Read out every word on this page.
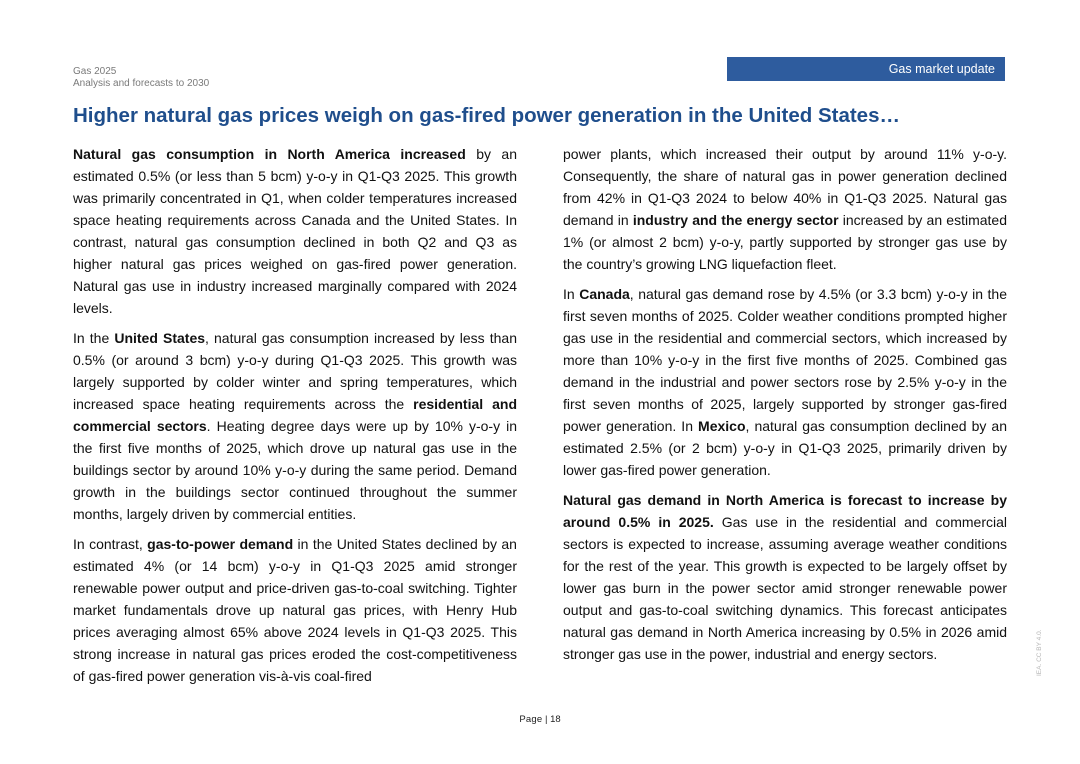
Gas 2025
Analysis and forecasts to 2030
Gas market update
Higher natural gas prices weigh on gas-fired power generation in the United States…

Natural gas consumption in North America increased by an estimated 0.5% (or less than 5 bcm) y-o-y in Q1-Q3 2025. This growth was primarily concentrated in Q1, when colder temperatures increased space heating requirements across Canada and the United States. In contrast, natural gas consumption declined in both Q2 and Q3 as higher natural gas prices weighed on gas-fired power generation. Natural gas use in industry increased marginally compared with 2024 levels.

In the United States, natural gas consumption increased by less than 0.5% (or around 3 bcm) y-o-y during Q1-Q3 2025. This growth was largely supported by colder winter and spring temperatures, which increased space heating requirements across the residential and commercial sectors. Heating degree days were up by 10% y-o-y in the first five months of 2025, which drove up natural gas use in the buildings sector by around 10% y-o-y during the same period. Demand growth in the buildings sector continued throughout the summer months, largely driven by commercial entities.

In contrast, gas-to-power demand in the United States declined by an estimated 4% (or 14 bcm) y-o-y in Q1-Q3 2025 amid stronger renewable power output and price-driven gas-to-coal switching. Tighter market fundamentals drove up natural gas prices, with Henry Hub prices averaging almost 65% above 2024 levels in Q1-Q3 2025. This strong increase in natural gas prices eroded the cost-competitiveness of gas-fired power generation vis-à-vis coal-fired

power plants, which increased their output by around 11% y-o-y. Consequently, the share of natural gas in power generation declined from 42% in Q1-Q3 2024 to below 40% in Q1-Q3 2025. Natural gas demand in industry and the energy sector increased by an estimated 1% (or almost 2 bcm) y-o-y, partly supported by stronger gas use by the country’s growing LNG liquefaction fleet.

In Canada, natural gas demand rose by 4.5% (or 3.3 bcm) y-o-y in the first seven months of 2025. Colder weather conditions prompted higher gas use in the residential and commercial sectors, which increased by more than 10% y-o-y in the first five months of 2025. Combined gas demand in the industrial and power sectors rose by 2.5% y-o-y in the first seven months of 2025, largely supported by stronger gas-fired power generation. In Mexico, natural gas consumption declined by an estimated 2.5% (or 2 bcm) y-o-y in Q1-Q3 2025, primarily driven by lower gas-fired power generation.

Natural gas demand in North America is forecast to increase by around 0.5% in 2025. Gas use in the residential and commercial sectors is expected to increase, assuming average weather conditions for the rest of the year. This growth is expected to be largely offset by lower gas burn in the power sector amid stronger renewable power output and gas-to-coal switching dynamics. This forecast anticipates natural gas demand in North America increasing by 0.5% in 2026 amid stronger gas use in the power, industrial and energy sectors.

Page | 18
IEA. CC BY 4.0.
